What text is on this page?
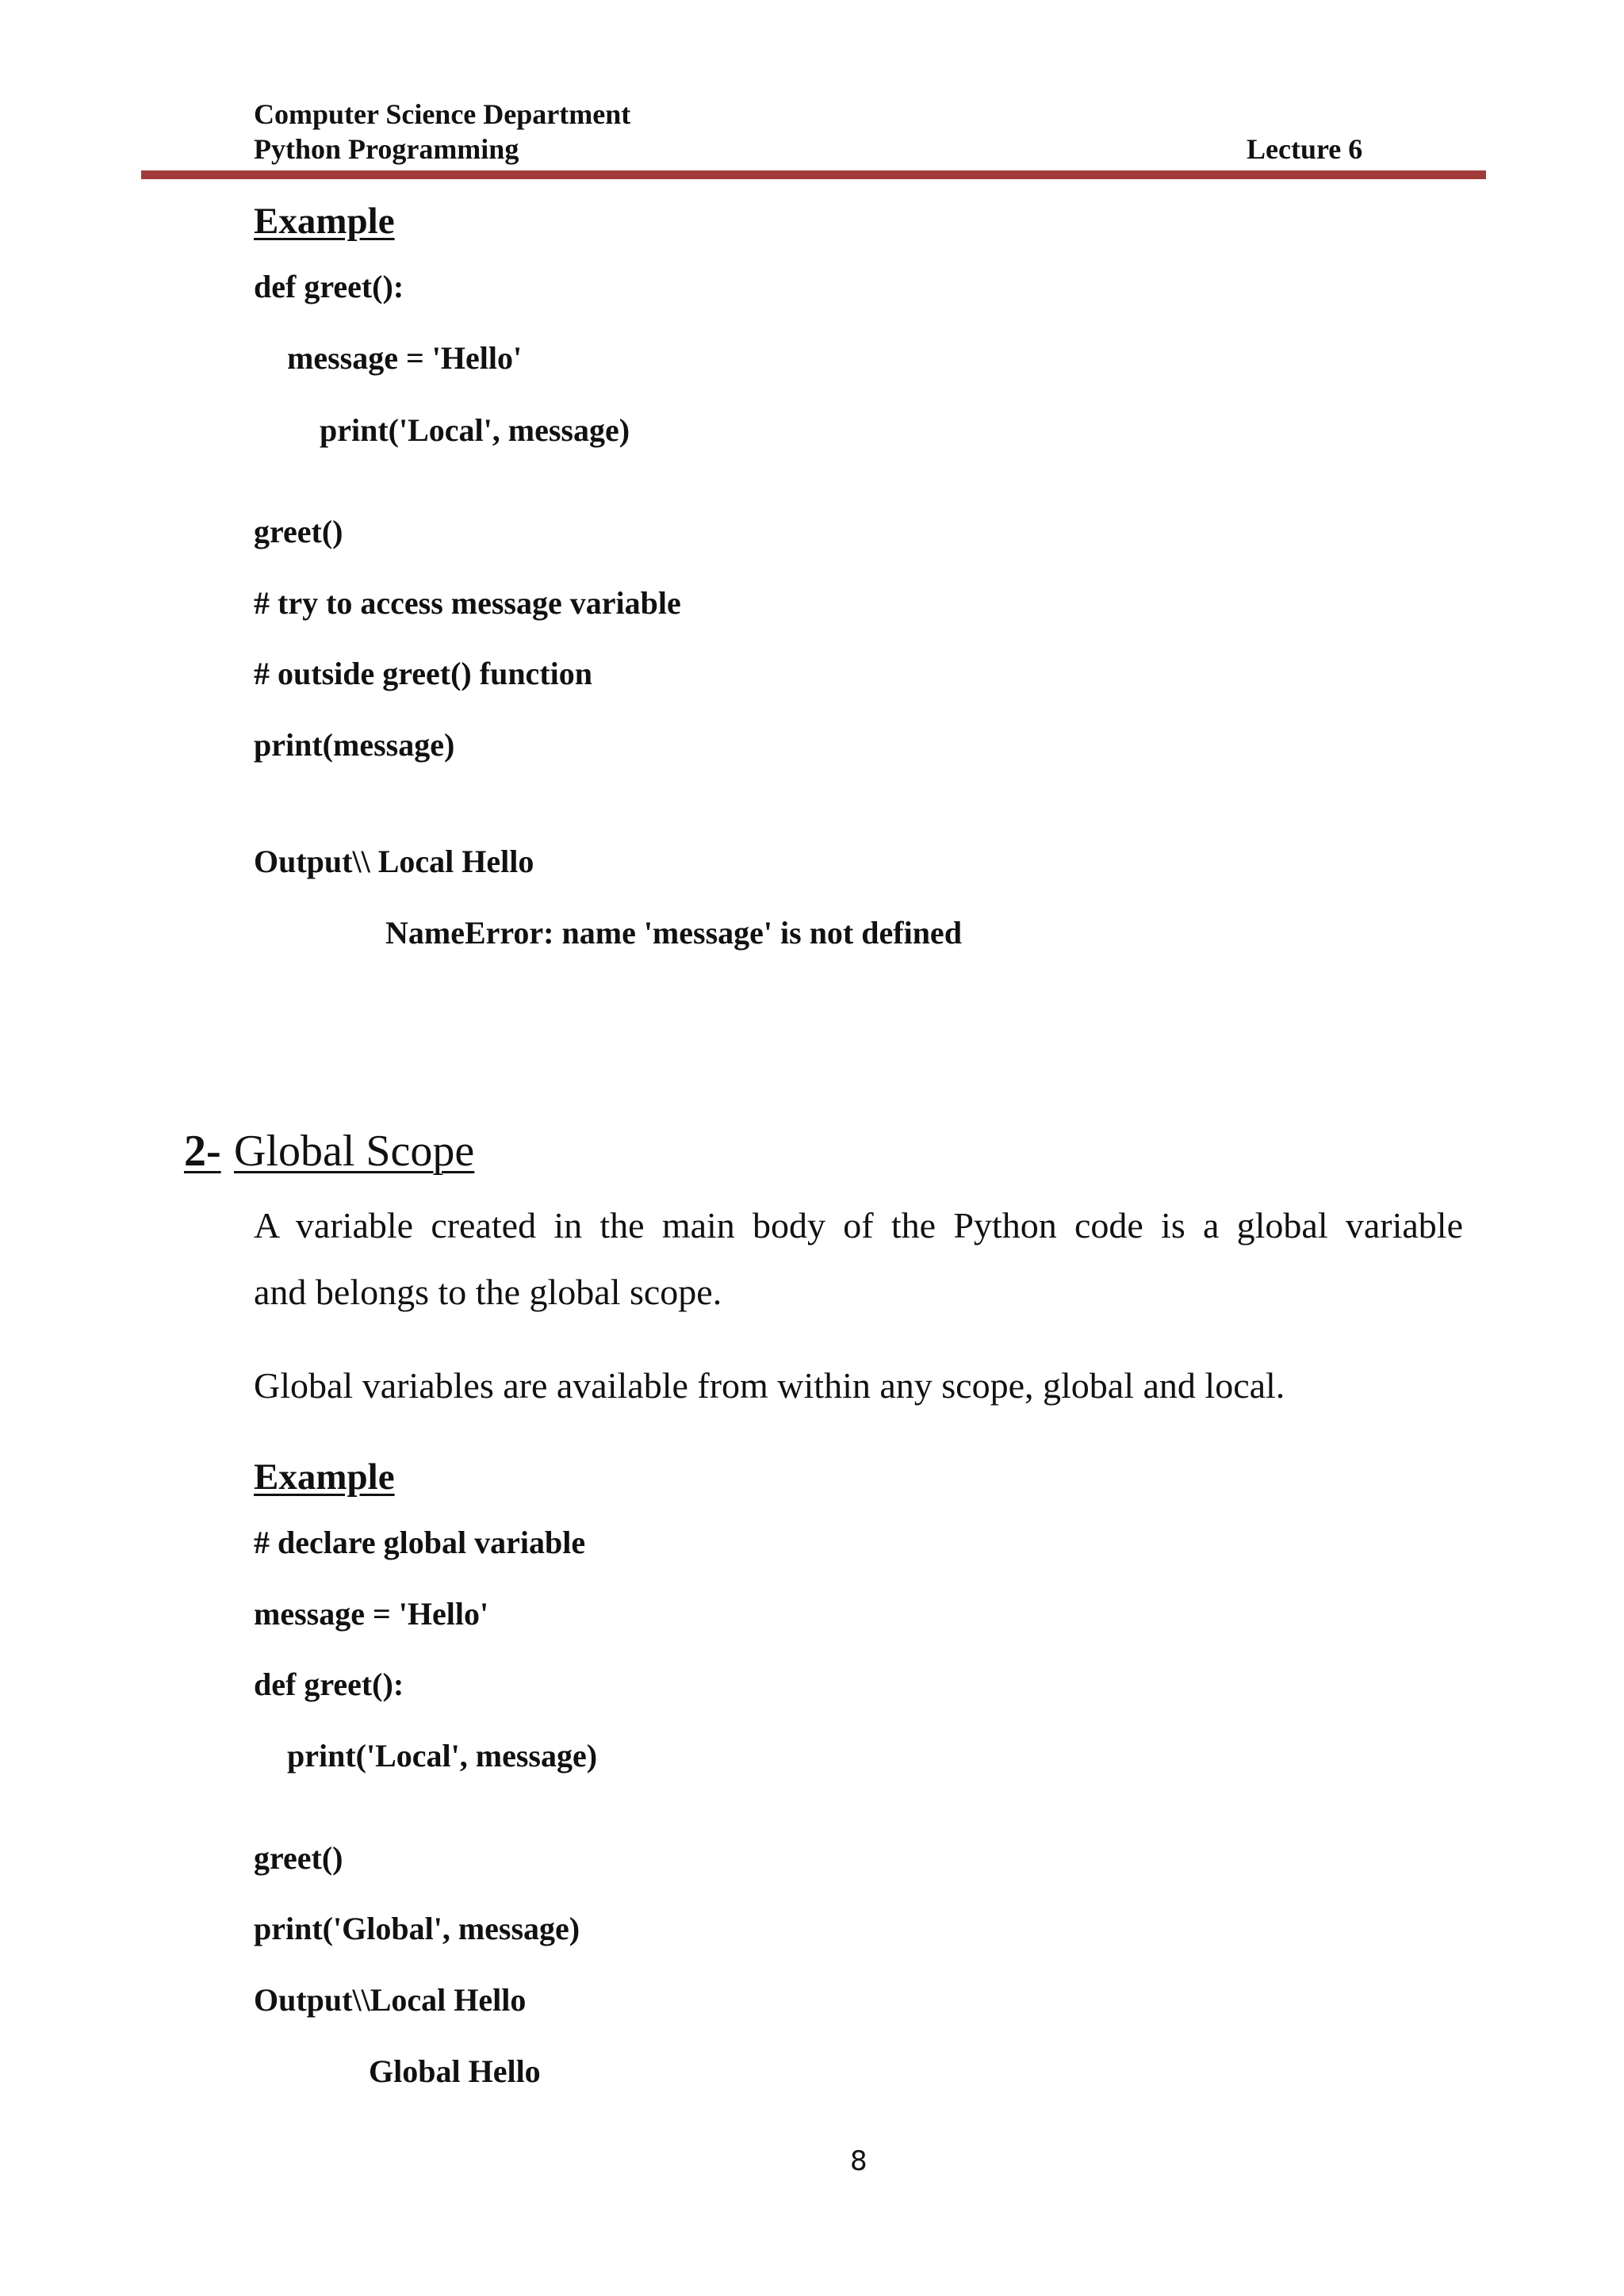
Computer Science Department
Python Programming	Lecture 6
Example
def greet():
message = 'Hello'
print('Local', message)
greet()
# try to access message variable
# outside greet() function
print(message)
Output\\ Local Hello
NameError: name 'message' is not defined
2- Global Scope
A variable created in the main body of the Python code is a global variable
and belongs to the global scope.
Global variables are available from within any scope, global and local.
Example
# declare global variable
message = 'Hello'
def greet():
print('Local', message)
greet()
print('Global', message)
Output\\Local Hello
Global Hello
8
